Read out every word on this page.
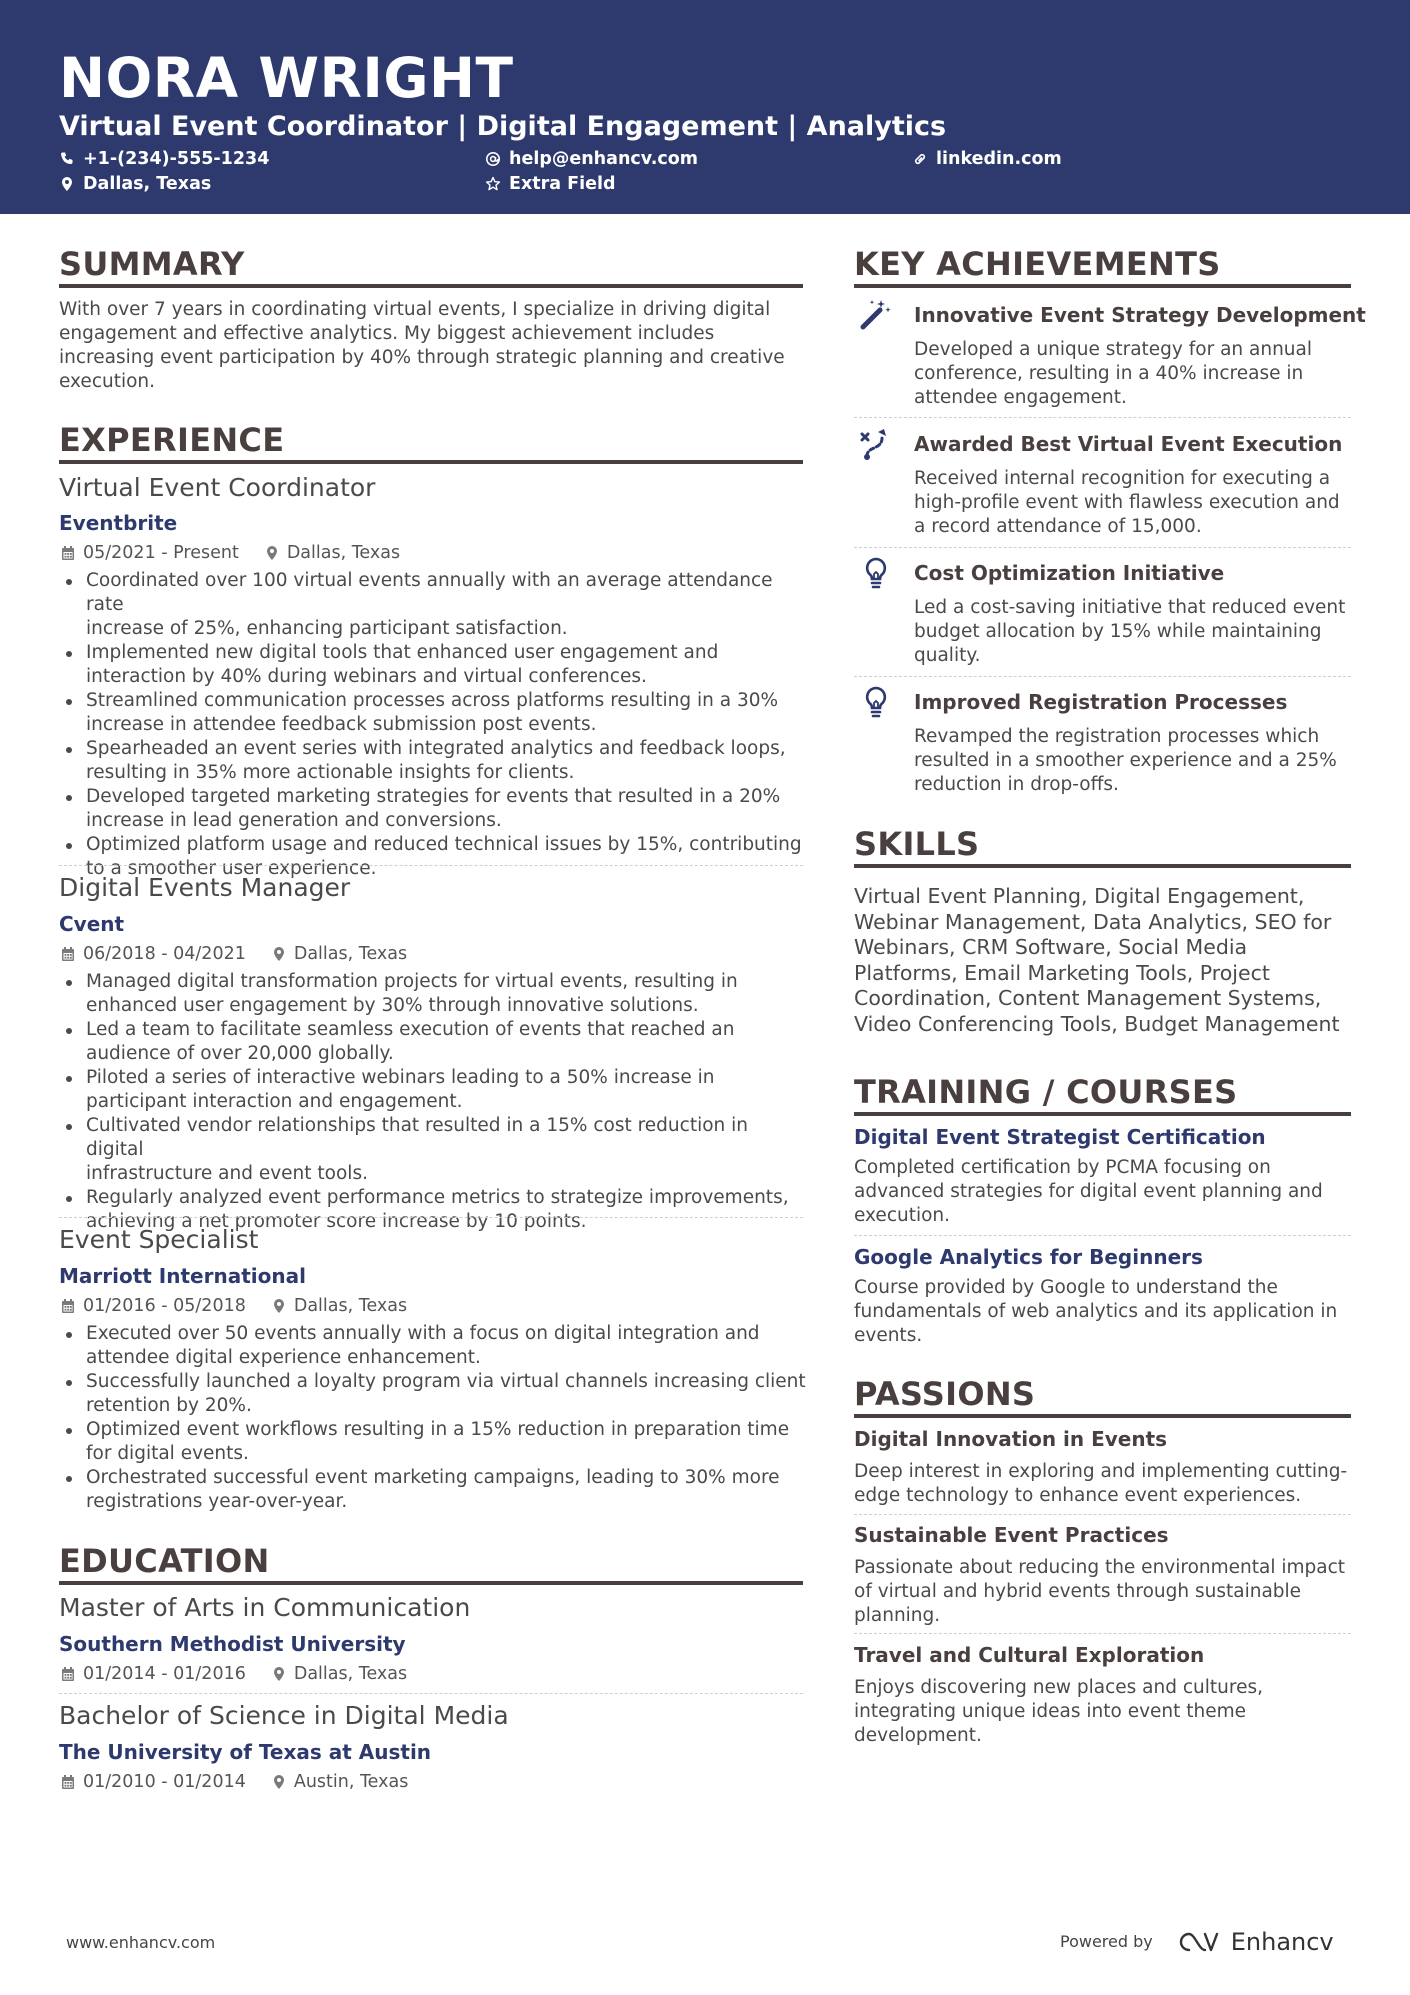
NORA WRIGHT
Virtual Event Coordinator | Digital Engagement | Analytics
+1-(234)-555-1234	help@enhancv.com	linkedin.com
Dallas, Texas	Extra Field
SUMMARY
With over 7 years in coordinating virtual events, I specialize in driving digital
engagement and effective analytics. My biggest achievement includes
increasing event participation by 40% through strategic planning and creative
execution.
EXPERIENCE
Virtual Event Coordinator
Eventbrite
05/2021 - Present	Dallas, Texas
Coordinated over 100 virtual events annually with an average attendance rate
increase of 25%, enhancing participant satisfaction.
Implemented new digital tools that enhanced user engagement and
interaction by 40% during webinars and virtual conferences.
Streamlined communication processes across platforms resulting in a 30%
increase in attendee feedback submission post events.
Spearheaded an event series with integrated analytics and feedback loops,
resulting in 35% more actionable insights for clients.
Developed targeted marketing strategies for events that resulted in a 20%
increase in lead generation and conversions.
Optimized platform usage and reduced technical issues by 15%, contributing
to a smoother user experience.
Digital Events Manager
Cvent
06/2018 - 04/2021	Dallas, Texas
Managed digital transformation projects for virtual events, resulting in
enhanced user engagement by 30% through innovative solutions.
Led a team to facilitate seamless execution of events that reached an
audience of over 20,000 globally.
Piloted a series of interactive webinars leading to a 50% increase in
participant interaction and engagement.
Cultivated vendor relationships that resulted in a 15% cost reduction in digital
infrastructure and event tools.
Regularly analyzed event performance metrics to strategize improvements,
achieving a net promoter score increase by 10 points.
Event Specialist
Marriott International
01/2016 - 05/2018	Dallas, Texas
Executed over 50 events annually with a focus on digital integration and
attendee digital experience enhancement.
Successfully launched a loyalty program via virtual channels increasing client
retention by 20%.
Optimized event workflows resulting in a 15% reduction in preparation time
for digital events.
Orchestrated successful event marketing campaigns, leading to 30% more
registrations year-over-year.
EDUCATION
Master of Arts in Communication
Southern Methodist University
01/2014 - 01/2016	Dallas, Texas
Bachelor of Science in Digital Media
The University of Texas at Austin
01/2010 - 01/2014	Austin, Texas
KEY ACHIEVEMENTS
Innovative Event Strategy Development
Developed a unique strategy for an annual
conference, resulting in a 40% increase in
attendee engagement.
Awarded Best Virtual Event Execution
Received internal recognition for executing a
high-profile event with flawless execution and
a record attendance of 15,000.
Cost Optimization Initiative
Led a cost-saving initiative that reduced event
budget allocation by 15% while maintaining
quality.
Improved Registration Processes
Revamped the registration processes which
resulted in a smoother experience and a 25%
reduction in drop-offs.
SKILLS
Virtual Event Planning, Digital Engagement,
Webinar Management, Data Analytics, SEO for
Webinars, CRM Software, Social Media
Platforms, Email Marketing Tools, Project
Coordination, Content Management Systems,
Video Conferencing Tools, Budget Management
TRAINING / COURSES
Digital Event Strategist Certification
Completed certification by PCMA focusing on
advanced strategies for digital event planning and
execution.
Google Analytics for Beginners
Course provided by Google to understand the
fundamentals of web analytics and its application in
events.
PASSIONS
Digital Innovation in Events
Deep interest in exploring and implementing cutting-
edge technology to enhance event experiences.
Sustainable Event Practices
Passionate about reducing the environmental impact
of virtual and hybrid events through sustainable
planning.
Travel and Cultural Exploration
Enjoys discovering new places and cultures,
integrating unique ideas into event theme
development.
www.enhancv.com	Powered by	Enhancv
